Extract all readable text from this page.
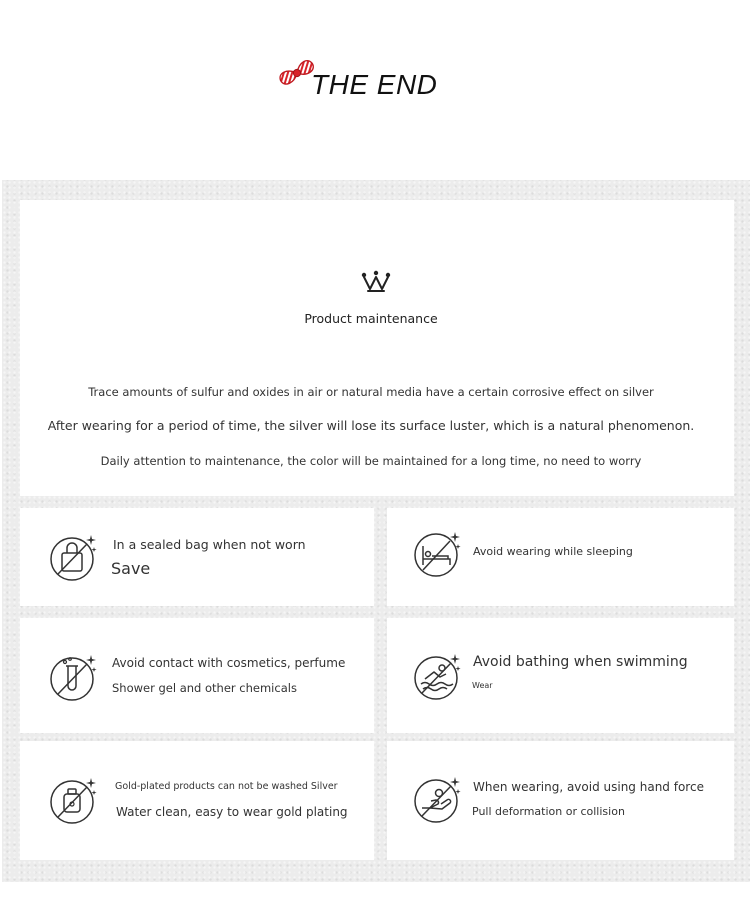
THE END
Product maintenance

Trace amounts of sulfur and oxides in air or natural media have a certain corrosive effect on silver

After wearing for a period of time, the silver will lose its surface luster, which is a natural phenomenon.

Daily attention to maintenance, the color will be maintained for a long time, no need to worry

In a sealed bag when not worn

Save

Avoid wearing while sleeping

Avoid contact with cosmetics, perfume

Shower gel and other chemicals

Avoid bathing when swimming

Wear

Gold-plated products can not be washed Silver

Water clean, easy to wear gold plating

When wearing, avoid using hand force

Pull deformation or collision
